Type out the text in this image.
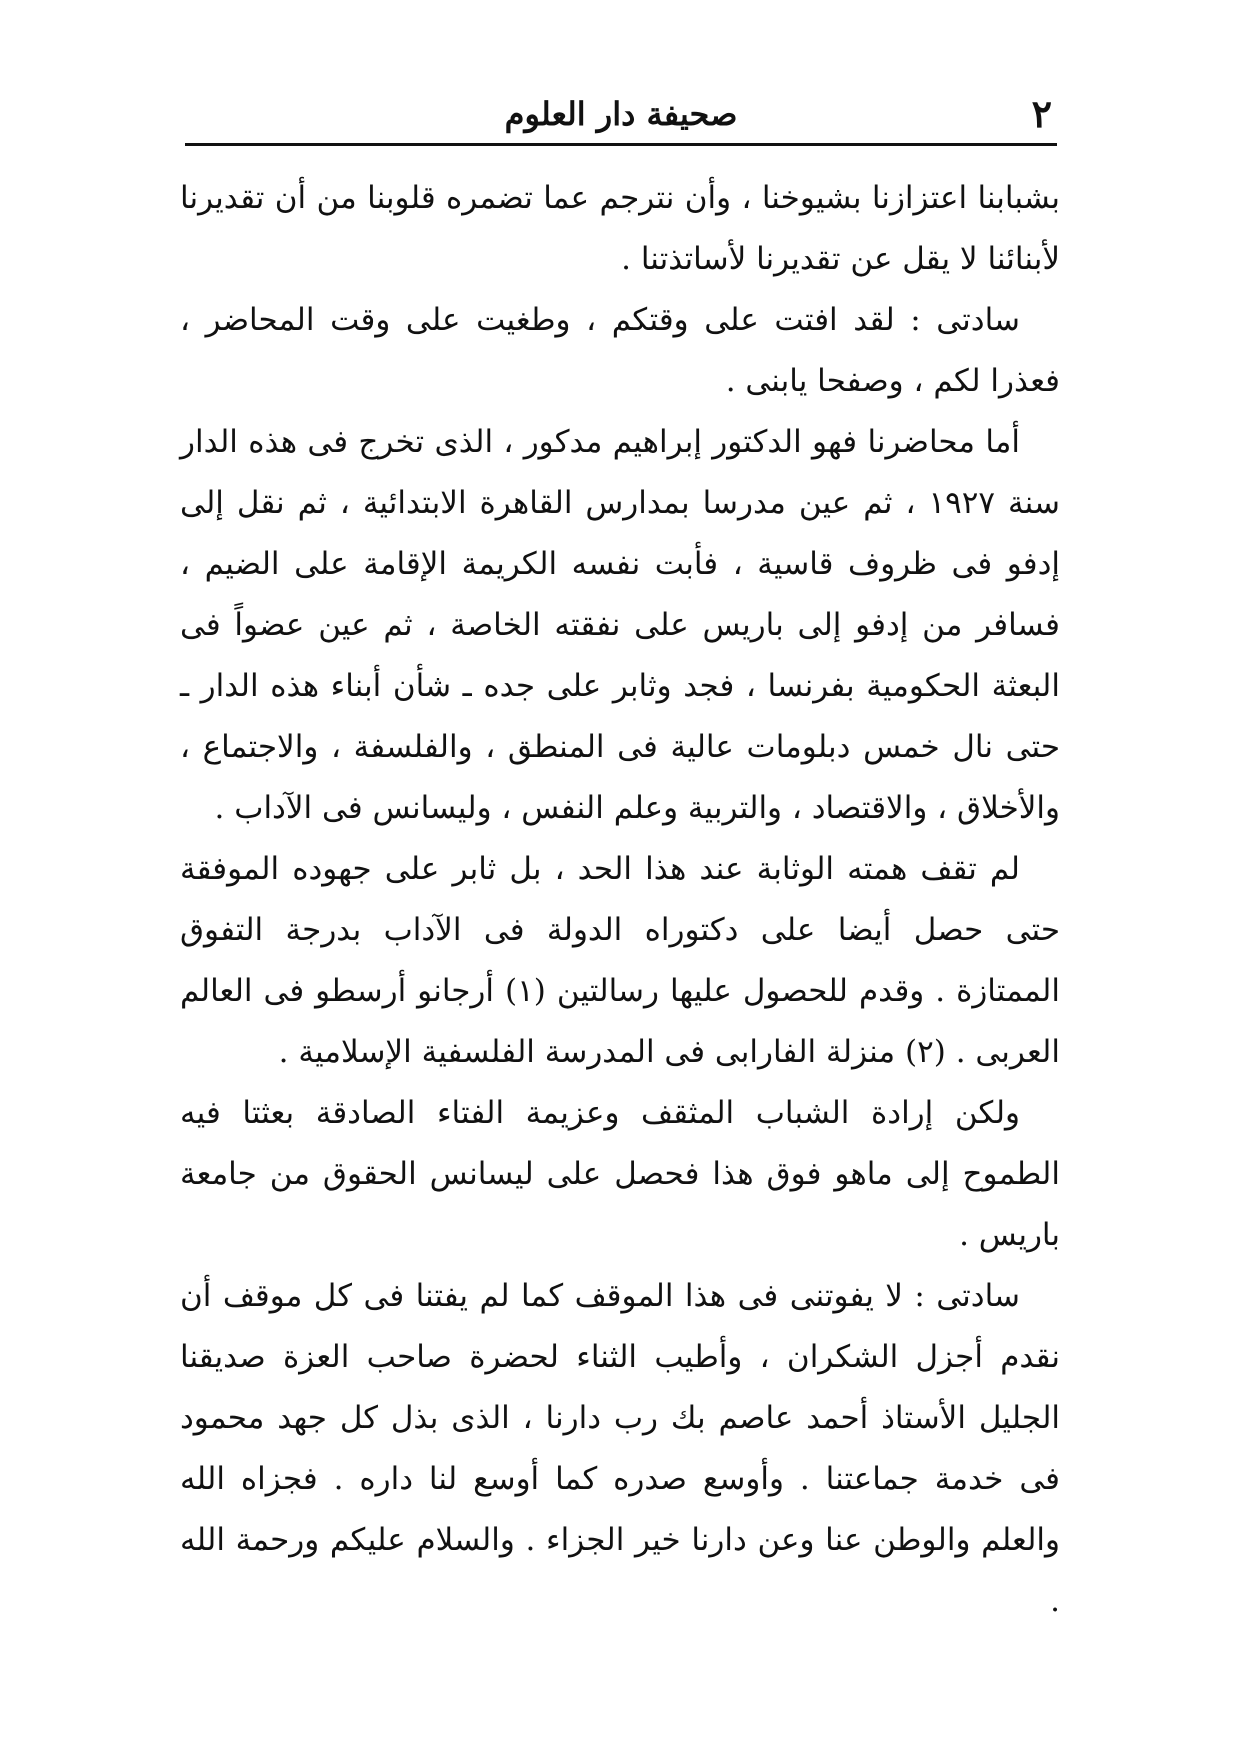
٢
صحيفة دار العلوم

بشبابنا اعتزازنا بشيوخنا ، وأن نترجم عما تضمره قلوبنا من أن تقديرنا لأبنائنا لا يقل عن تقديرنا لأساتذتنا .

سادتى : لقد افتت على وقتكم ، وطغيت على وقت المحاضر ، فعذرا لكم ، وصفحا يابنى .

أما محاضرنا فهو الدكتور إبراهيم مدكور ، الذى تخرج فى هذه الدار سنة ١٩٢٧ ، ثم عين مدرسا بمدارس القاهرة الابتدائية ، ثم نقل إلى إدفو فى ظروف قاسية ، فأبت نفسه الكريمة الإقامة على الضيم ، فسافر من إدفو إلى باريس على نفقته الخاصة ، ثم عين عضواً فى البعثة الحكومية بفرنسا ، فجد وثابر على جده ـ شأن أبناء هذه الدار ـ حتى نال خمس دبلومات عالية فى المنطق ، والفلسفة ، والاجتماع ، والأخلاق ، والاقتصاد ، والتربية وعلم النفس ، وليسانس فى الآداب .

لم تقف همته الوثابة عند هذا الحد ، بل ثابر على جهوده الموفقة حتى حصل أيضا على دكتوراه الدولة فى الآداب بدرجة التفوق الممتازة . وقدم للحصول عليها رسالتين (١) أرجانو أرسطو فى العالم العربى . (٢) منزلة الفارابى فى المدرسة الفلسفية الإسلامية .

ولكن إرادة الشباب المثقف وعزيمة الفتاء الصادقة بعثتا فيه الطموح إلى ماهو فوق هذا فحصل على ليسانس الحقوق من جامعة باريس .

سادتى : لا يفوتنى فى هذا الموقف كما لم يفتنا فى كل موقف أن نقدم أجزل الشكران ، وأطيب الثناء لحضرة صاحب العزة صديقنا الجليل الأستاذ أحمد عاصم بك رب دارنا ، الذى بذل كل جهد محمود فى خدمة جماعتنا . وأوسع صدره كما أوسع لنا داره . فجزاه الله والعلم والوطن عنا وعن دارنا خير الجزاء . والسلام عليكم ورحمة الله .
